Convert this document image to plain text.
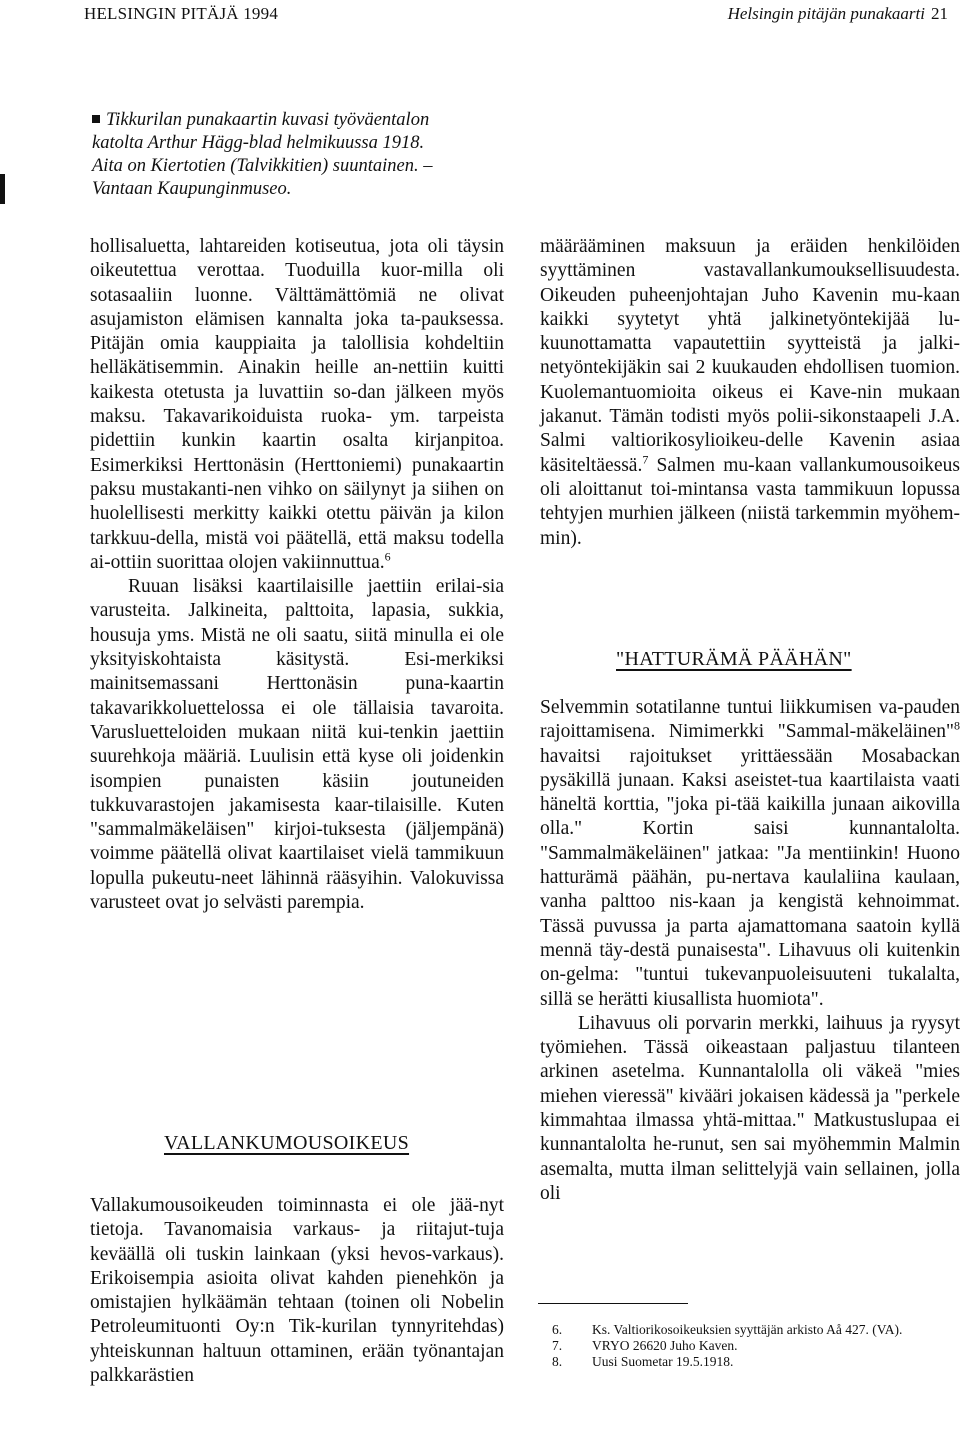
HELSINGIN PITÄJÄ 1994	Helsingin pitäjän punakaarti 21
Tikkurilan punakaartin kuvasi työväentalon katolta Arthur Hägg-blad helmikuussa 1918. Aita on Kiertotien (Talvikkitien) suuntainen. – Vantaan Kaupunginmuseo.

hollisaluetta, lahtareiden kotiseutua, jota oli täysin oikeutettua verottaa. Tuoduilla kuor-milla oli sotasaaliin luonne. Välttämättömiä ne olivat asujamiston elämisen kannalta joka ta-pauksessa. Pitäjän omia kauppiaita ja talollisia kohdeltiin helläkätisemmin. Ainakin heille an-nettiin kuitti kaikesta otetusta ja luvattiin so-dan jälkeen myös maksu. Takavarikoiduista ruoka- ym. tarpeista pidettiin kunkin kaartin osalta kirjanpitoa. Esimerkiksi Herttonäsin (Herttoniemi) punakaartin paksu mustakanti-nen vihko on säilynyt ja siihen on huolellisesti merkitty kaikki otettu päivän ja kilon tarkkuu-della, mistä voi päätellä, että maksu todella ai-ottiin suorittaa olojen vakiinnuttua.$^6$

Ruuan lisäksi kaartilaisille jaettiin erilai-sia varusteita. Jalkineita, palttoita, lapasia, sukkia, housuja yms. Mistä ne oli saatu, siitä minulla ei ole yksityiskohtaista käsitystä. Esi-merkiksi mainitsemassani Herttonäsin puna-kaartin takavarikkoluettelossa ei ole tällaisia tavaroita. Varusluetteloiden mukaan niitä kui-tenkin jaettiin suurehkoja määriä. Luulisin että kyse oli joidenkin isompien punaisten käsiin joutuneiden tukkuvarastojen jakamisesta kaar-tilaisille. Kuten "sammalmäkeläisen" kirjoi-tuksesta (jäljempänä) voimme päätellä olivat kaartilaiset vielä tammikuun lopulla pukeutu-neet lähinnä rääsyihin. Valokuvissa varusteet ovat jo selvästi parempia.

VALLANKUMOUSOIKEUS

Vallakumousoikeuden toiminnasta ei ole jää-nyt tietoja. Tavanomaisia varkaus- ja riitajut-tuja keväällä oli tuskin lainkaan (yksi hevos-varkaus). Erikoisempia asioita olivat kahden pienehkön ja omistajien hylkäämän tehtaan (toinen oli Nobelin Petroleumituonti Oy:n Tik-kurilan tynnyritehdas) yhteiskunnan haltuun ottaminen, erään työnantajan palkkarästien

määrääminen maksuun ja eräiden henkilöiden syyttäminen vastavallankumouksellisuudesta. Oikeuden puheenjohtajan Juho Kavenin mu-kaan kaikki syytetyt yhtä jalkinetyöntekijää lu-kuunottamatta vapautettiin syytteistä ja jalki-netyöntekijäkin sai 2 kuukauden ehdollisen tuomion. Kuolemantuomioita oikeus ei Kave-nin mukaan jakanut. Tämän todisti myös polii-sikonstaapeli J.A. Salmi valtiorikosylioikeu-delle Kavenin asiaa käsiteltäessä.$^7$ Salmen mu-kaan vallankumousoikeus oli aloittanut toi-mintansa vasta tammikuun lopussa tehtyjen murhien jälkeen (niistä tarkemmin myöhem-min).

"HATTURÄMÄ PÄÄHÄN"

Selvemmin sotatilanne tuntui liikkumisen va-pauden rajoittamisena. Nimimerkki "Sammal-mäkeläinen"$^8$ havaitsi rajoitukset yrittäessään Mosabackan pysäkillä junaan. Kaksi aseistet-tua kaartilaista vaati häneltä korttia, "joka pi-tää kaikilla junaan aikovilla olla." Kortin saisi kunnantalolta. "Sammalmäkeläinen" jatkaa: "Ja mentiinkin! Huono hatturämä päähän, pu-nertava kaulaliina kaulaan, vanha palttoo nis-kaan ja kengistä kehnoimmat. Tässä puvussa ja parta ajamattomana saatoin kyllä mennä täy-destä punaisesta". Lihavuus oli kuitenkin on-gelma: "tuntui tukevanpuoleisuuteni tukalalta, sillä se herätti kiusallista huomiota".

Lihavuus oli porvarin merkki, laihuus ja ryysyt työmiehen. Tässä oikeastaan paljastuu tilanteen arkinen asetelma. Kunnantalolla oli väkeä "mies miehen vieressä" kivääri jokaisen kädessä ja "perkele kimmahtaa ilmassa yhtä-mittaa." Matkustuslupaa ei kunnantalolta he-runut, sen sai myöhemmin Malmin asemalta, mutta ilman selittelyjä vain sellainen, jolla oli

6.	Ks. Valtiorikosoikeuksien syyttäjän arkisto Aå 427. (VA).
7.	VRYO 26620 Juho Kaven.
8.	Uusi Suometar 19.5.1918.
